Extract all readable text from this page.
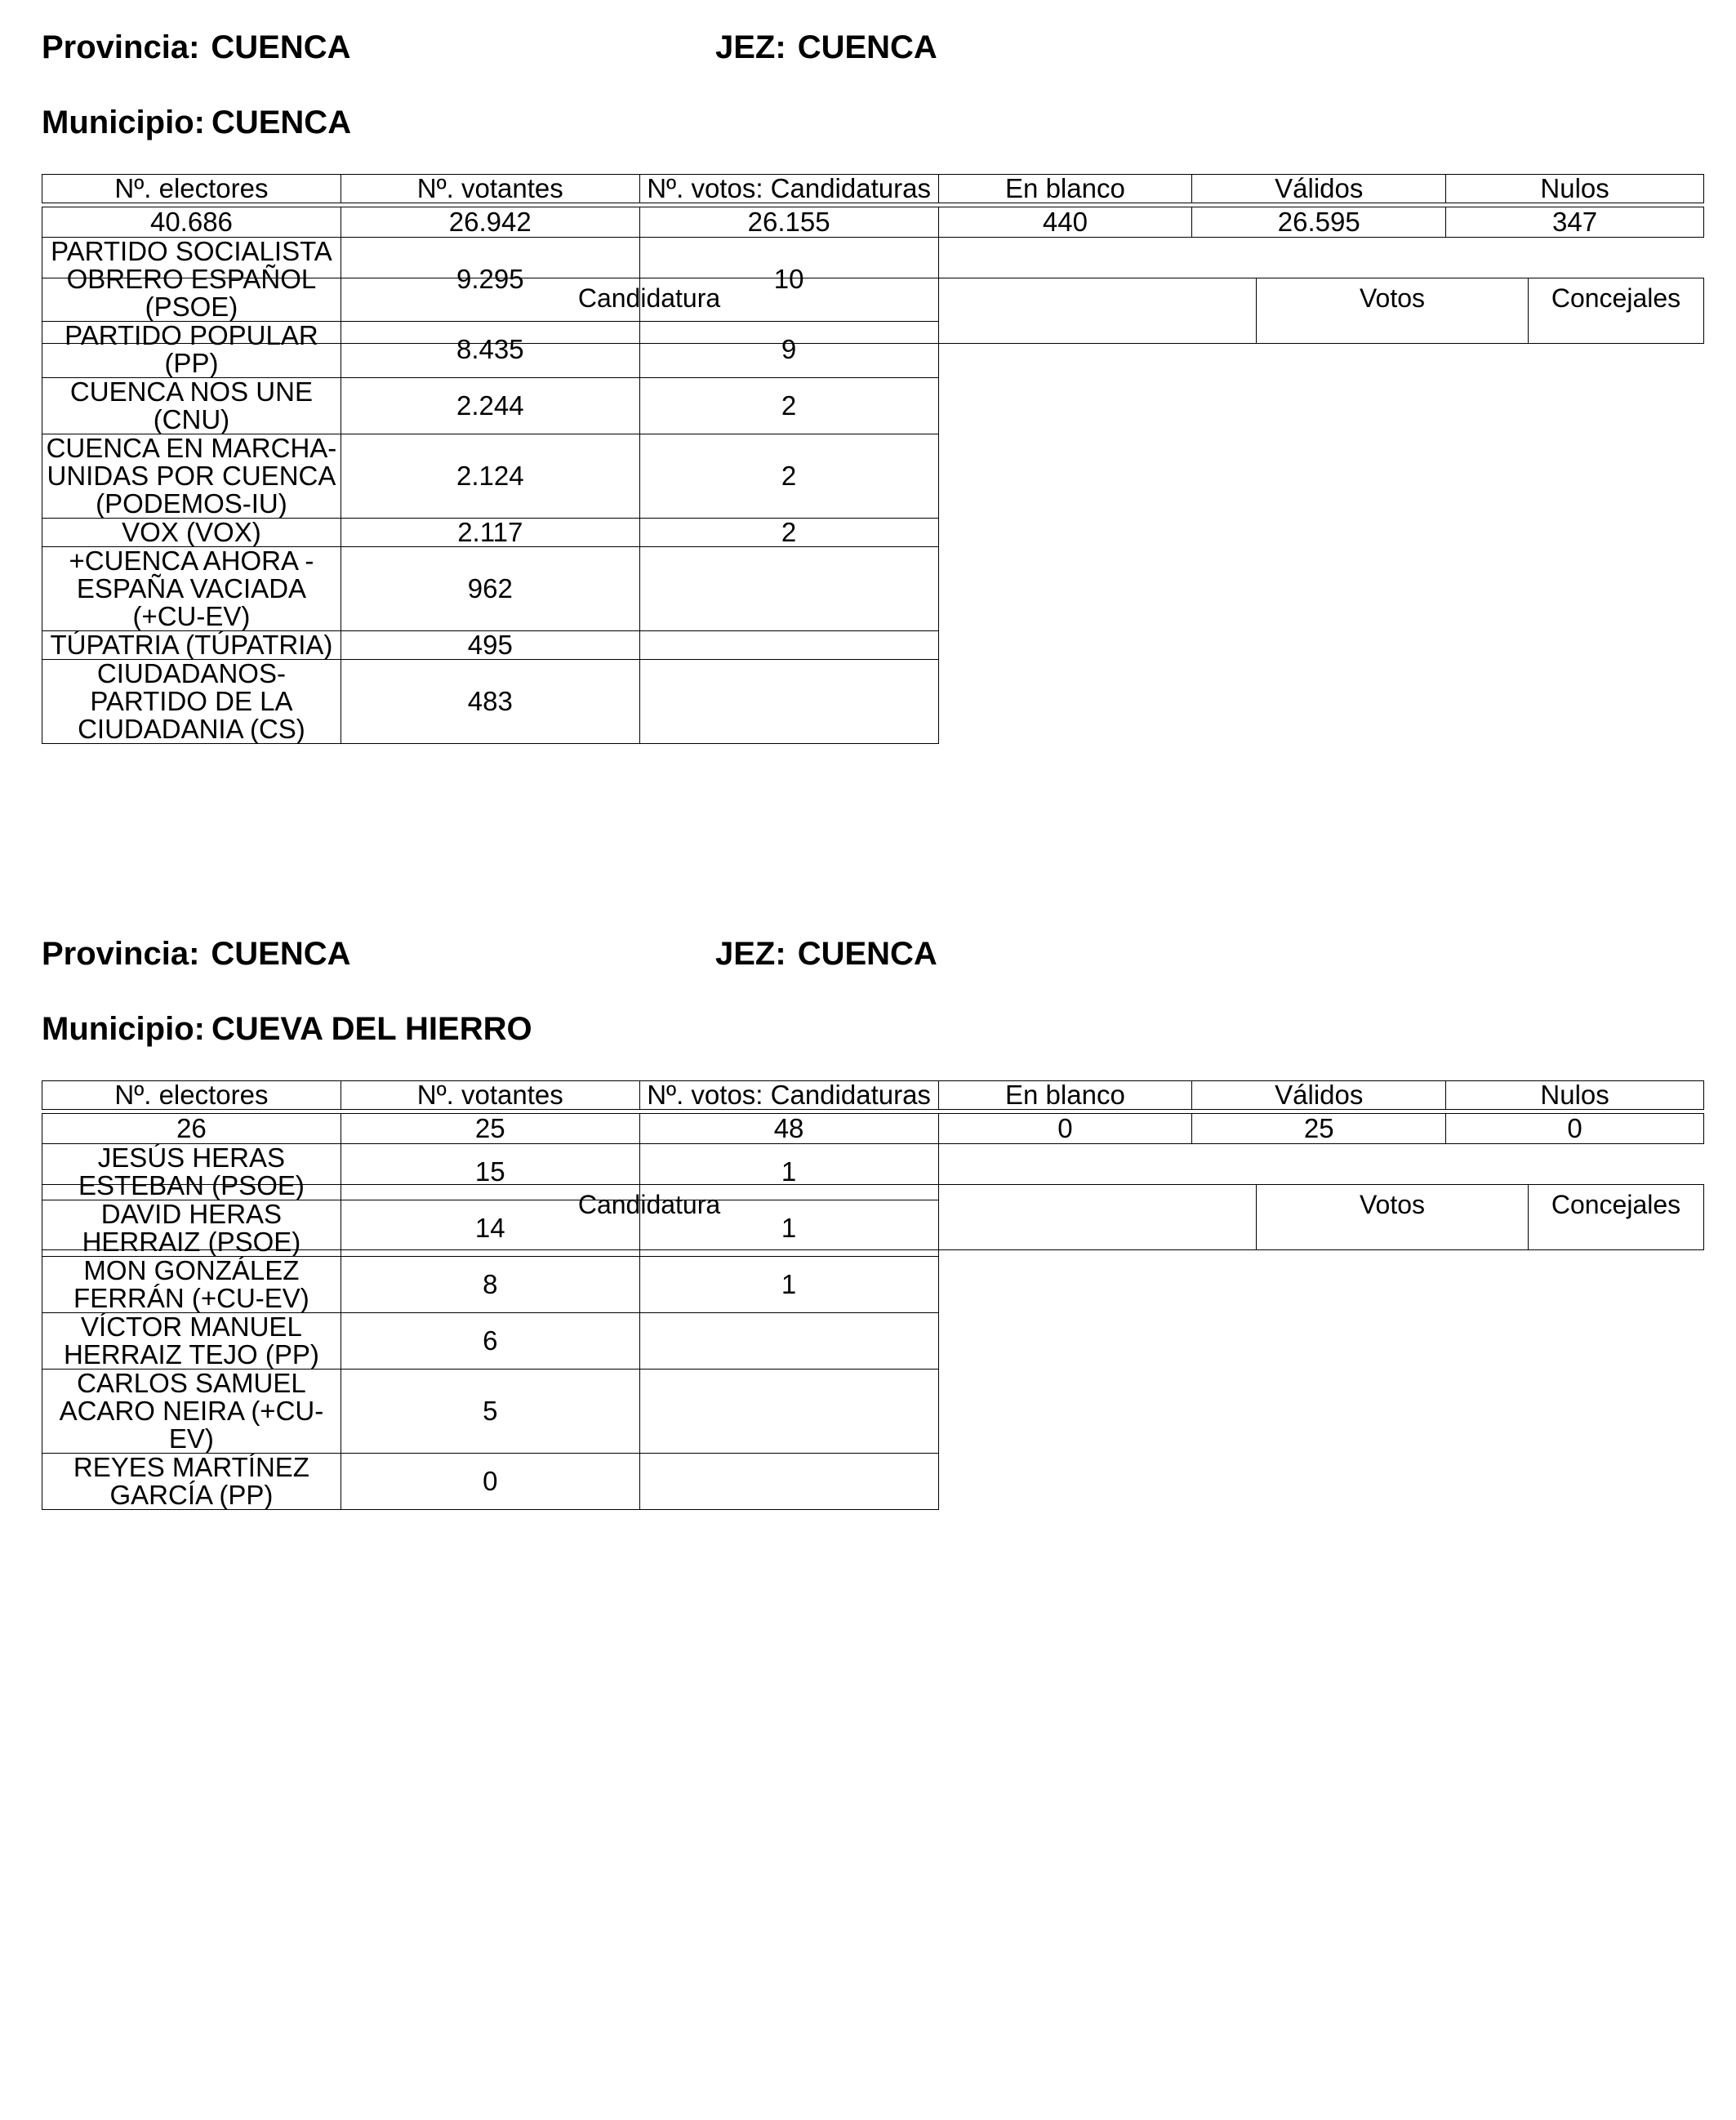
Provincia: CUENCA	JEZ: CUENCA
Municipio: CUENCA
Nº. electores	Nº. votantes	Nº. votos: Candidaturas	En blanco	Válidos	Nulos

40.686	26.942	26.155	440	26.595	347
PARTIDO SOCIALISTA OBRERO ESPAÑOL (PSOE)	9.295	10			
PARTIDO POPULAR (PP)	8.435	9			
CUENCA NOS UNE (CNU)	2.244	2			
CUENCA EN MARCHA-UNIDAS POR CUENCA (PODEMOS-IU)	2.124	2			
VOX (VOX)	2.117	2			
+CUENCA AHORA - ESPAÑA VACIADA (+CU-EV)	962				
TÚPATRIA (TÚPATRIA)	495				
CIUDADANOS-PARTIDO DE LA CIUDADANIA (CS)	483				
Candidatura	Votos	Concejales
Provincia: CUENCA	JEZ: CUENCA
Municipio: CUEVA DEL HIERRO
Nº. electores	Nº. votantes	Nº. votos: Candidaturas	En blanco	Válidos	Nulos

26	25	48	0	25	0
JESÚS HERAS ESTEBAN (PSOE)	15	1			
DAVID HERAS HERRAIZ (PSOE)	14	1			
MON GONZÁLEZ FERRÁN (+CU-EV)	8	1			
VÍCTOR MANUEL HERRAIZ TEJO (PP)	6				
CARLOS SAMUEL ACARO NEIRA (+CU-EV)	5				
REYES MARTÍNEZ GARCÍA (PP)	0				
Candidatura	Votos	Concejales
